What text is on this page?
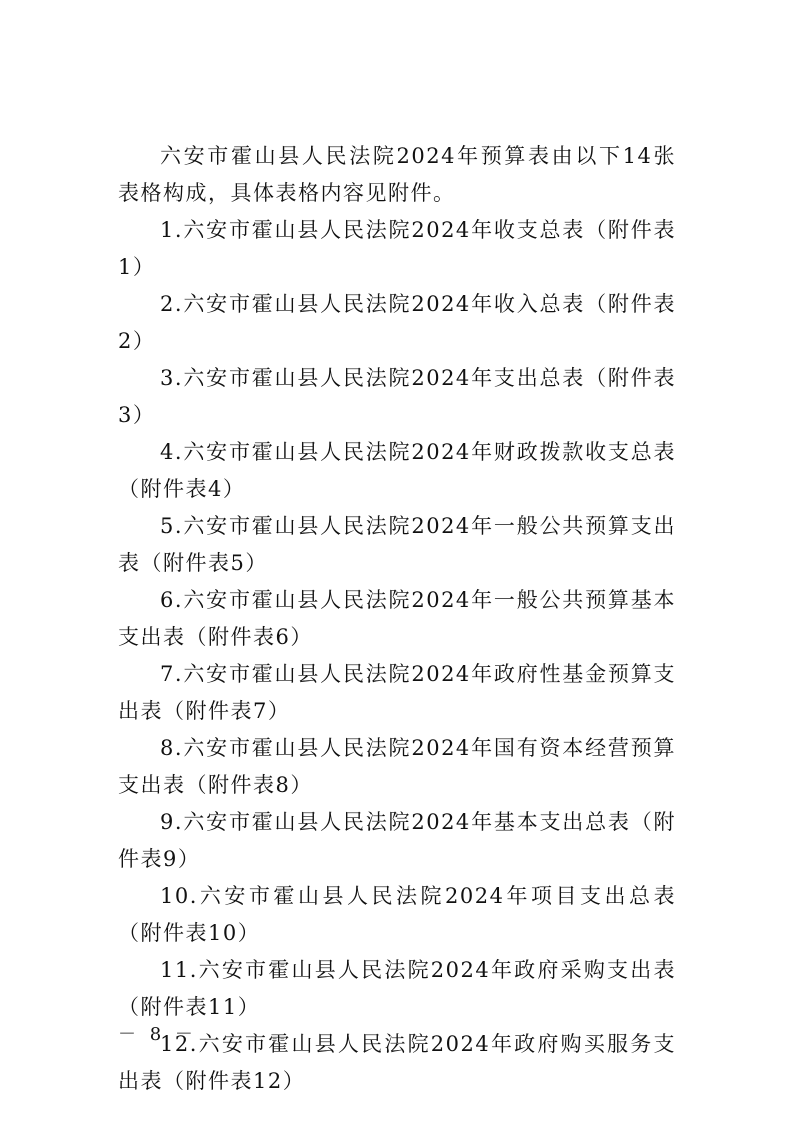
六安市霍山县人民法院2024年预算表由以下14张表格构成，具体表格内容见附件。

1.六安市霍山县人民法院2024年收支总表（附件表1）

2.六安市霍山县人民法院2024年收入总表（附件表2）

3.六安市霍山县人民法院2024年支出总表（附件表3）

4.六安市霍山县人民法院2024年财政拨款收支总表（附件表4）

5.六安市霍山县人民法院2024年一般公共预算支出表（附件表5）

6.六安市霍山县人民法院2024年一般公共预算基本支出表（附件表6）

7.六安市霍山县人民法院2024年政府性基金预算支出表（附件表7）

8.六安市霍山县人民法院2024年国有资本经营预算支出表（附件表8）

9.六安市霍山县人民法院2024年基本支出总表（附件表9）

10.六安市霍山县人民法院2024年项目支出总表（附件表10）

11.六安市霍山县人民法院2024年政府采购支出表（附件表11）

12.六安市霍山县人民法院2024年政府购买服务支出表（附件表12）

－ 8 －
